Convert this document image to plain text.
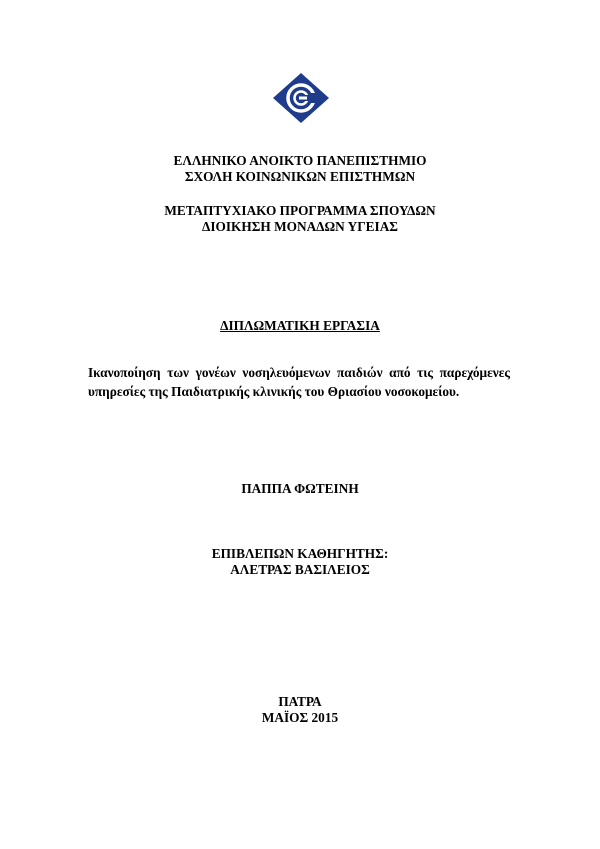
ΕΛΛΗΝΙΚΟ ΑΝΟΙΚΤΟ ΠΑΝΕΠΙΣΤΗΜΙΟ
ΣΧΟΛΗ ΚΟΙΝΩΝΙΚΩΝ ΕΠΙΣΤΗΜΩΝ
ΜΕΤΑΠΤΥΧΙΑΚΟ ΠΡΟΓΡΑΜΜΑ ΣΠΟΥΔΩΝ
ΔΙΟΙΚΗΣΗ ΜΟΝΑΔΩΝ ΥΓΕΙΑΣ
ΔΙΠΛΩΜΑΤΙΚΗ ΕΡΓΑΣΙΑ

Ικανοποίηση των γονέων νοσηλευόμενων παιδιών από τις παρεχόμενες υπηρεσίες της Παιδιατρικής κλινικής του Θριασίου νοσοκομείου.

ΠΑΠΠΑ ΦΩΤΕΙΝΗ
ΕΠΙΒΛΕΠΩΝ ΚΑΘΗΓΗΤΗΣ:
ΑΛΕΤΡΑΣ ΒΑΣΙΛΕΙΟΣ
ΠΑΤΡΑ
ΜΑΪΟΣ 2015
